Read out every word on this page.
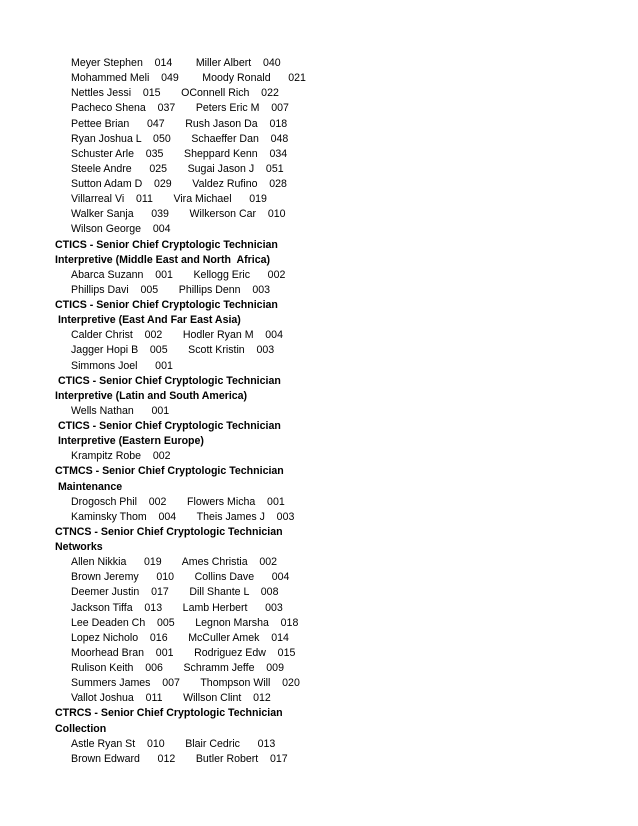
Meyer Stephen    014        Miller Albert    040
Mohammed Meli    049        Moody Ronald      021
Nettles Jessi    015       OConnell Rich    022
Pacheco Shena    037       Peters Eric M    007
Pettee Brian      047       Rush Jason Da    018
Ryan Joshua L    050       Schaeffer Dan    048
Schuster Arle    035       Sheppard Kenn    034
Steele Andre      025       Sugai Jason J    051
Sutton Adam D    029       Valdez Rufino    028
Villarreal Vi    011       Vira Michael      019
Walker Sanja      039       Wilkerson Car    010
Wilson George    004
CTICS - Senior Chief Cryptologic Technician
Interpretive (Middle East and North  Africa)
Abarca Suzann    001       Kellogg Eric      002
Phillips Davi    005       Phillips Denn    003
CTICS - Senior Chief Cryptologic Technician
Interpretive (East And Far East Asia)
Calder Christ    002       Hodler Ryan M    004
Jagger Hopi B    005       Scott Kristin    003
Simmons Joel      001
CTICS - Senior Chief Cryptologic Technician
Interpretive (Latin and South America)
Wells Nathan      001
CTICS - Senior Chief Cryptologic Technician
Interpretive (Eastern Europe)
Krampitz Robe    002
CTMCS - Senior Chief Cryptologic Technician
Maintenance
Drogosch Phil    002       Flowers Micha    001
Kaminsky Thom    004       Theis James J    003
CTNCS - Senior Chief Cryptologic Technician
Networks
Allen Nikkia      019       Ames Christia    002
Brown Jeremy      010       Collins Dave      004
Deemer Justin    017       Dill Shante L    008
Jackson Tiffa    013       Lamb Herbert      003
Lee Deaden Ch    005       Legnon Marsha    018
Lopez Nicholo    016       McCuller Amek    014
Moorhead Bran    001       Rodriguez Edw    015
Rulison Keith    006       Schramm Jeffe    009
Summers James    007       Thompson Will    020
Vallot Joshua    011       Willson Clint    012
CTRCS - Senior Chief Cryptologic Technician
Collection
Astle Ryan St    010       Blair Cedric      013
Brown Edward      012       Butler Robert    017
